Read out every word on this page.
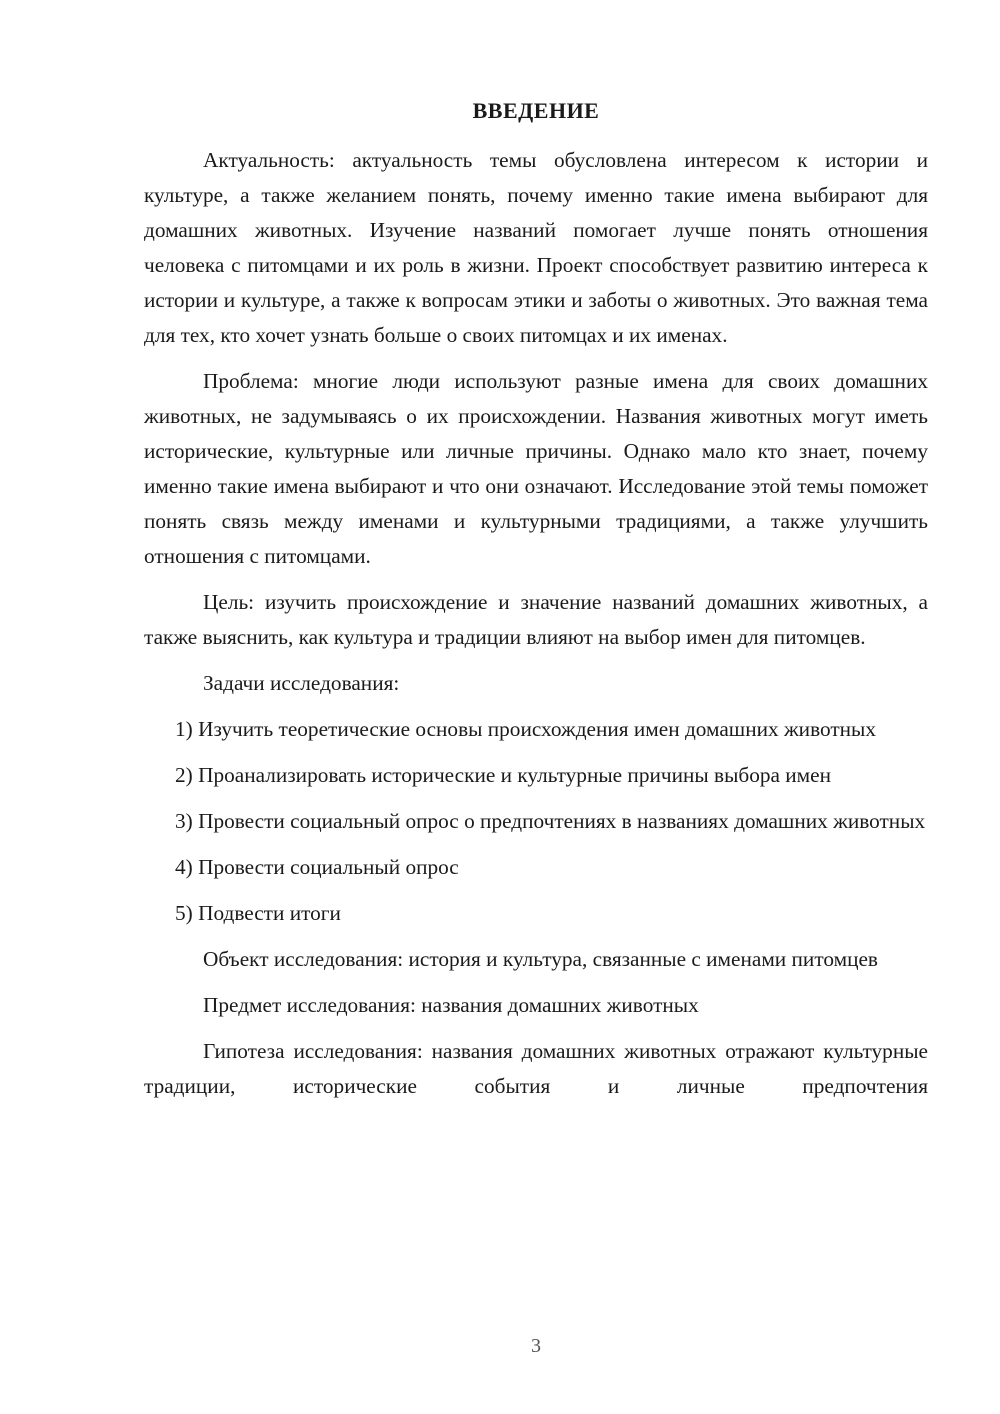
ВВЕДЕНИЕ

Актуальность: актуальность темы обусловлена интересом к истории и культуре, а также желанием понять, почему именно такие имена выбирают для домашних животных. Изучение названий помогает лучше понять отношения человека с питомцами и их роль в жизни. Проект способствует развитию интереса к истории и культуре, а также к вопросам этики и заботы о животных. Это важная тема для тех, кто хочет узнать больше о своих питомцах и их именах.

Проблема: многие люди используют разные имена для своих домашних животных, не задумываясь о их происхождении. Названия животных могут иметь исторические, культурные или личные причины. Однако мало кто знает, почему именно такие имена выбирают и что они означают. Исследование этой темы поможет понять связь между именами и культурными традициями, а также улучшить отношения с питомцами.

Цель: изучить происхождение и значение названий домашних животных, а также выяснить, как культура и традиции влияют на выбор имен для питомцев.

Задачи исследования:

1) Изучить теоретические основы происхождения имен домашних животных

2) Проанализировать исторические и культурные причины выбора имен

3) Провести социальный опрос о предпочтениях в названиях домашних животных

4) Провести социальный опрос

5) Подвести итоги

Объект исследования: история и культура, связанные с именами питомцев

Предмет исследования: названия домашних животных

Гипотеза исследования: названия домашних животных отражают культурные традиции, исторические события и личные предпочтения

3
